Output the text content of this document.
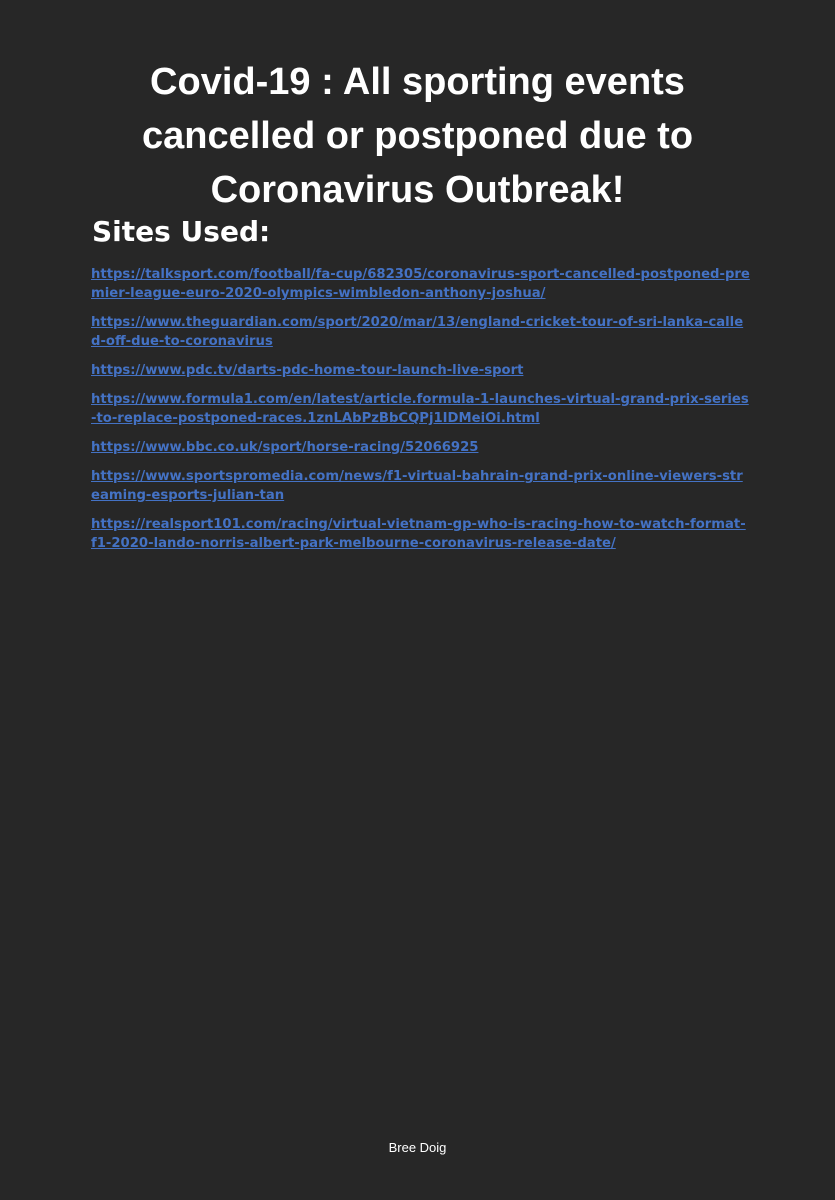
Covid-19 : All sporting events cancelled or postponed due to Coronavirus Outbreak!
Sites Used:
https://talksport.com/football/fa-cup/682305/coronavirus-sport-cancelled-postponed-premier-league-euro-2020-olympics-wimbledon-anthony-joshua/
https://www.theguardian.com/sport/2020/mar/13/england-cricket-tour-of-sri-lanka-called-off-due-to-coronavirus
https://www.pdc.tv/darts-pdc-home-tour-launch-live-sport
https://www.formula1.com/en/latest/article.formula-1-launches-virtual-grand-prix-series-to-replace-postponed-races.1znLAbPzBbCQPj1IDMeiOi.html
https://www.bbc.co.uk/sport/horse-racing/52066925
https://www.sportspromedia.com/news/f1-virtual-bahrain-grand-prix-online-viewers-streaming-esports-julian-tan
https://realsport101.com/racing/virtual-vietnam-gp-who-is-racing-how-to-watch-format-f1-2020-lando-norris-albert-park-melbourne-coronavirus-release-date/
Bree Doig
